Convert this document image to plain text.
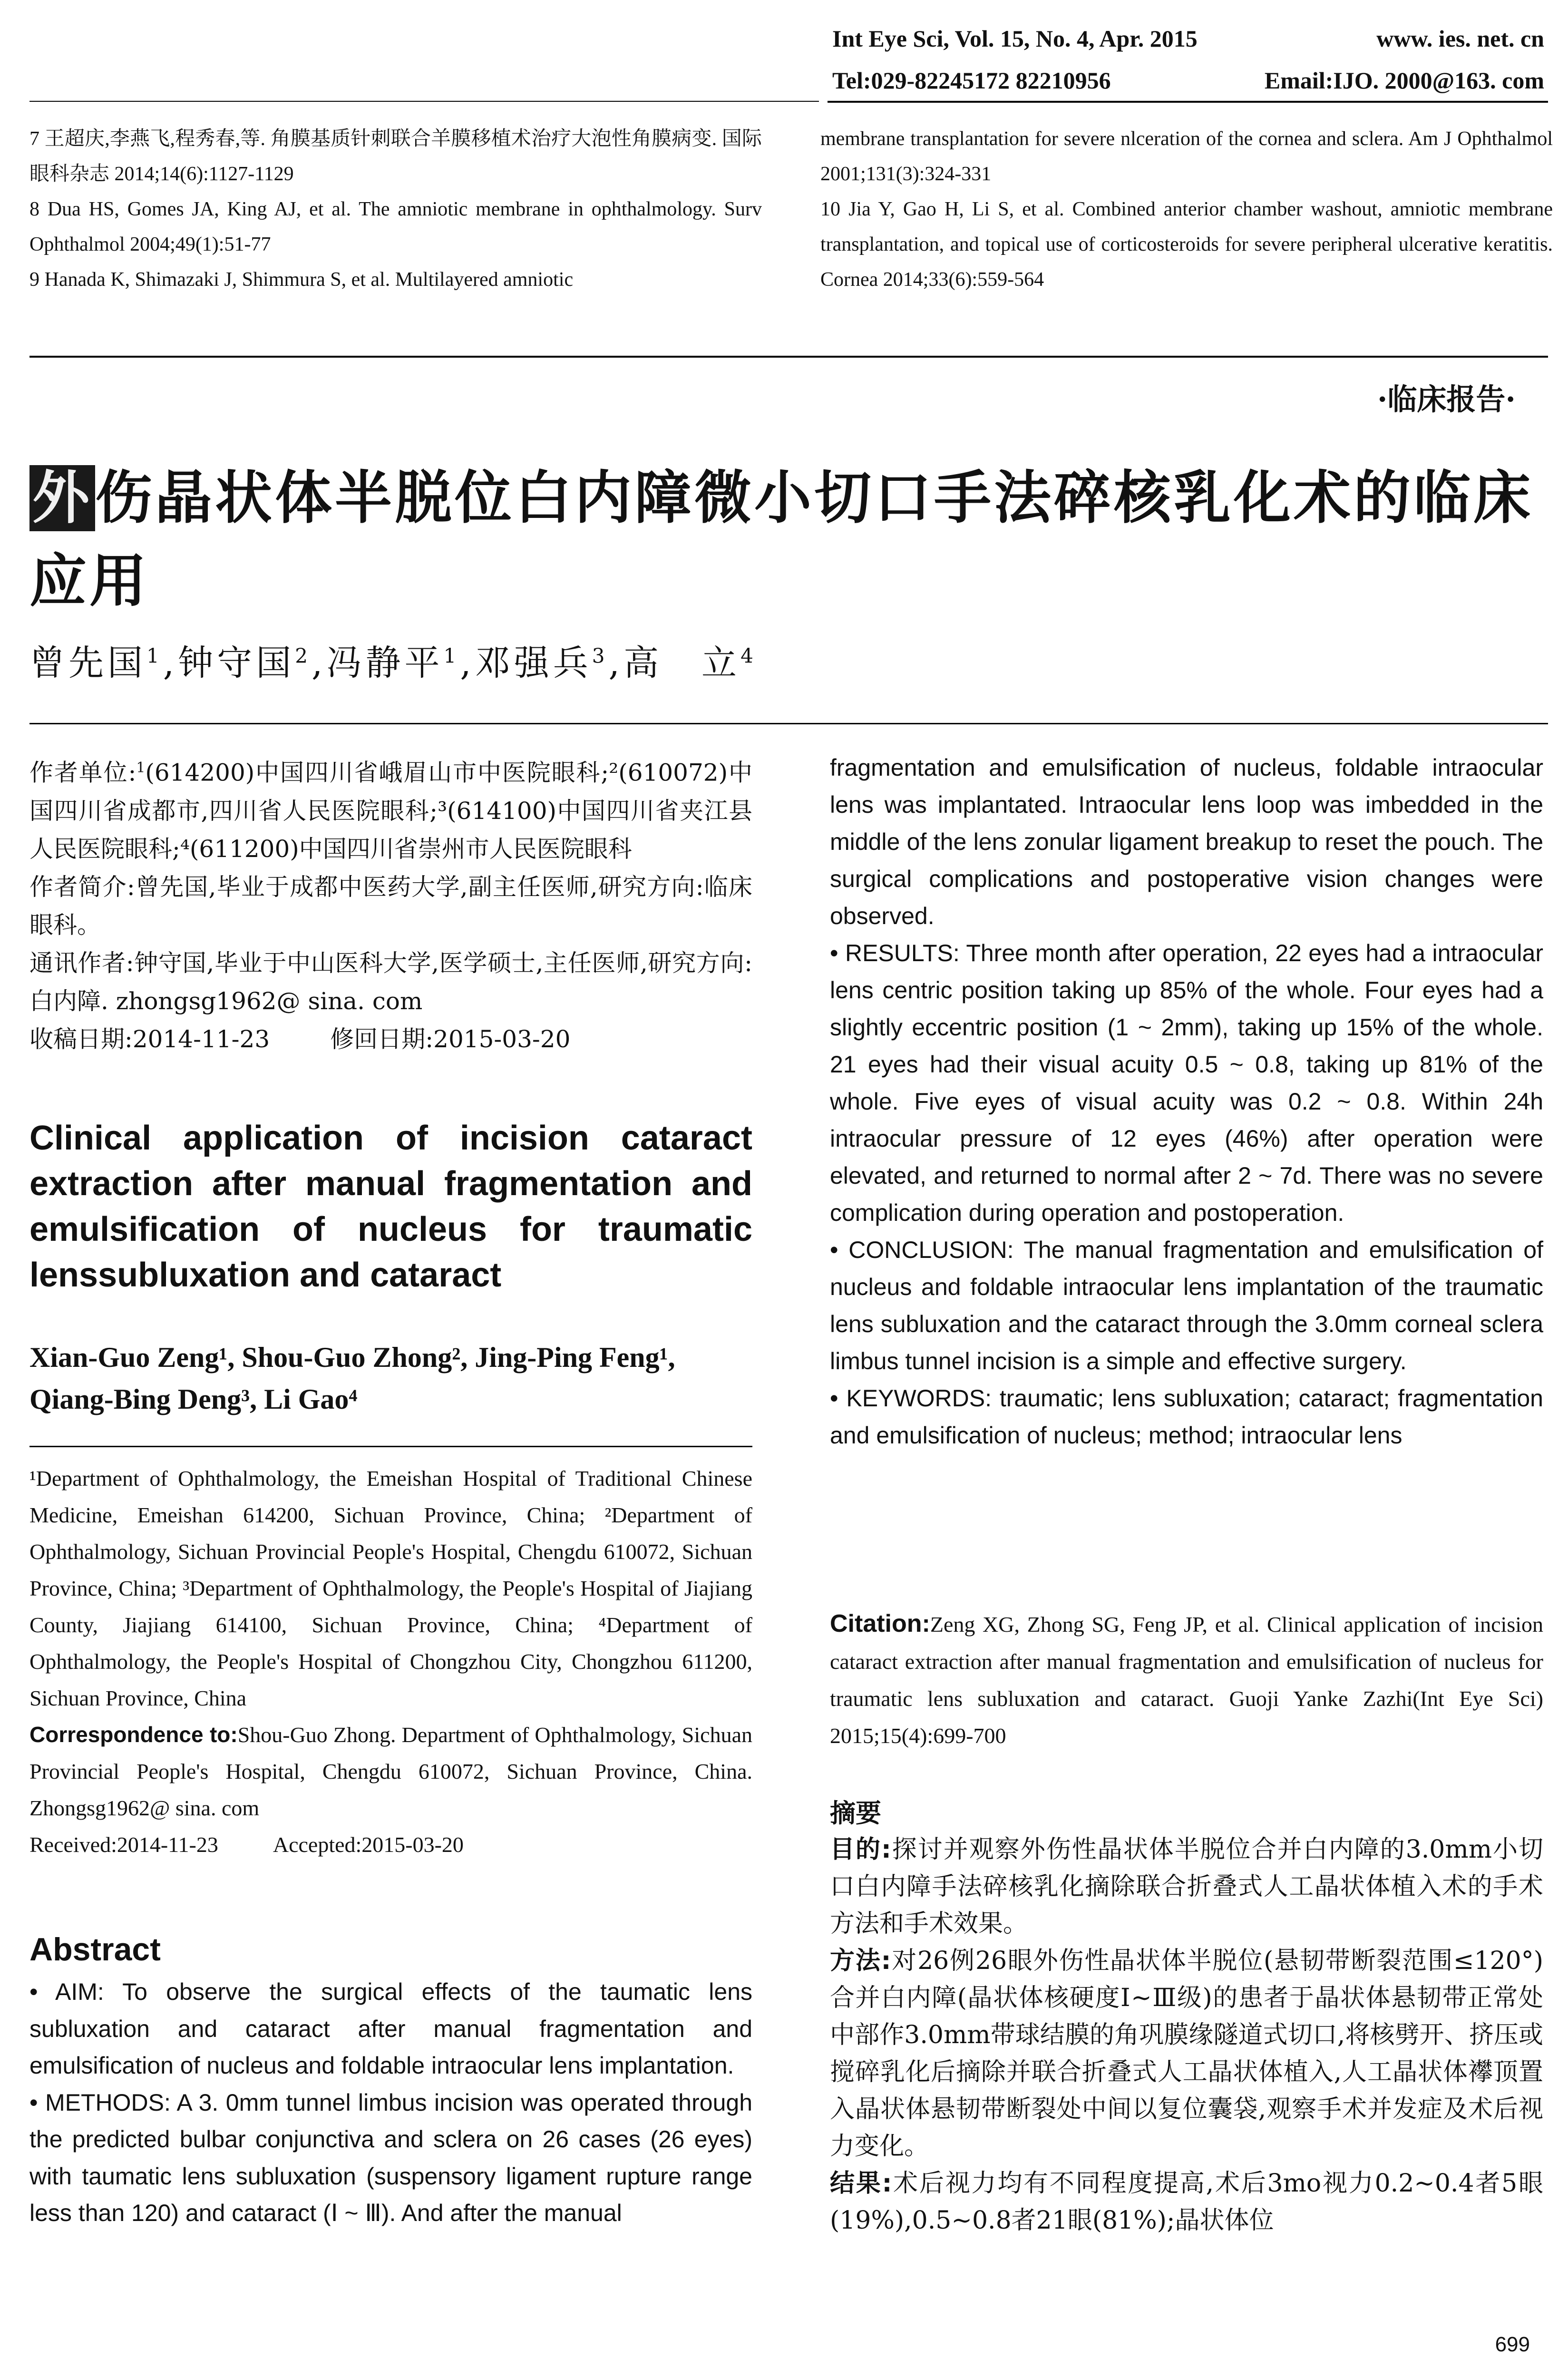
Int Eye Sci, Vol. 15, No. 4, Apr. 2015	www. ies. net. cn
Tel:029-82245172 82210956	Email:IJO. 2000@163. com

7 王超庆,李燕飞,程秀春,等. 角膜基质针刺联合羊膜移植术治疗大泡性角膜病变. 国际眼科杂志 2014;14(6):1127-1129

8 Dua HS, Gomes JA, King AJ, et al. The amniotic membrane in ophthalmology. Surv Ophthalmol 2004;49(1):51-77

9 Hanada K, Shimazaki J, Shimmura S, et al. Multilayered amniotic

membrane transplantation for severe nlceration of the cornea and sclera. Am J Ophthalmol 2001;131(3):324-331

10 Jia Y, Gao H, Li S, et al. Combined anterior chamber washout, amniotic membrane transplantation, and topical use of corticosteroids for severe peripheral ulcerative keratitis. Cornea 2014;33(6):559-564

·临床报告·
外伤晶状体半脱位白内障微小切口手法碎核乳化术的临床应用
曾先国$^1$,钟守国$^2$,冯静平$^1$,邓强兵$^3$,高　立$^4$

作者单位:$^1$(614200)中国四川省峨眉山市中医院眼科;²(610072)中国四川省成都市,四川省人民医院眼科;³(614100)中国四川省夹江县人民医院眼科;⁴(611200)中国四川省崇州市人民医院眼科

作者简介:曾先国,毕业于成都中医药大学,副主任医师,研究方向:临床眼科。

通讯作者:钟守国,毕业于中山医科大学,医学硕士,主任医师,研究方向:白内障. zhongsg1962@ sina. com

收稿日期:2014-11-23	修回日期:2015-03-20

Clinical application of incision cataract extraction after manual fragmentation and emulsification of nucleus for traumatic lenssubluxation and cataract
Xian-Guo Zeng¹, Shou-Guo Zhong², Jing-Ping Feng¹, Qiang-Bing Deng³, Li Gao⁴

¹Department of Ophthalmology, the Emeishan Hospital of Traditional Chinese Medicine, Emeishan 614200, Sichuan Province, China; ²Department of Ophthalmology, Sichuan Provincial People's Hospital, Chengdu 610072, Sichuan Province, China; ³Department of Ophthalmology, the People's Hospital of Jiajiang County, Jiajiang 614100, Sichuan Province, China; ⁴Department of Ophthalmology, the People's Hospital of Chongzhou City, Chongzhou 611200, Sichuan Province, China

Correspondence to:Shou-Guo Zhong. Department of Ophthalmology, Sichuan Provincial People's Hospital, Chengdu 610072, Sichuan Province, China. Zhongsg1962@ sina. com

Received:2014-11-23	Accepted:2015-03-20

Abstract

• AIM: To observe the surgical effects of the taumatic lens subluxation and cataract after manual fragmentation and emulsification of nucleus and foldable intraocular lens implantation.

• METHODS: A 3. 0mm tunnel limbus incision was operated through the predicted bulbar conjunctiva and sclera on 26 cases (26 eyes) with taumatic lens subluxation (suspensory ligament rupture range less than 120) and cataract (Ⅰ ~ Ⅲ). And after the manual

fragmentation and emulsification of nucleus, foldable intraocular lens was implantated. Intraocular lens loop was imbedded in the middle of the lens zonular ligament breakup to reset the pouch. The surgical complications and postoperative vision changes were observed.

• RESULTS: Three month after operation, 22 eyes had a intraocular lens centric position taking up 85% of the whole. Four eyes had a slightly eccentric position (1 ~ 2mm), taking up 15% of the whole. 21 eyes had their visual acuity 0.5 ~ 0.8, taking up 81% of the whole. Five eyes of visual acuity was 0.2 ~ 0.8. Within 24h intraocular pressure of 12 eyes (46%) after operation were elevated, and returned to normal after 2 ~ 7d. There was no severe complication during operation and postoperation.

• CONCLUSION: The manual fragmentation and emulsification of nucleus and foldable intraocular lens implantation of the traumatic lens subluxation and the cataract through the 3.0mm corneal sclera limbus tunnel incision is a simple and effective surgery.

• KEYWORDS: traumatic; lens subluxation; cataract; fragmentation and emulsification of nucleus; method; intraocular lens

Citation:Zeng XG, Zhong SG, Feng JP, et al. Clinical application of incision cataract extraction after manual fragmentation and emulsification of nucleus for traumatic lens subluxation and cataract. Guoji Yanke Zazhi(Int Eye Sci) 2015;15(4):699-700
摘要

目的:探讨并观察外伤性晶状体半脱位合并白内障的3.0mm小切口白内障手法碎核乳化摘除联合折叠式人工晶状体植入术的手术方法和手术效果。

方法:对26例26眼外伤性晶状体半脱位(悬韧带断裂范围≤120°)合并白内障(晶状体核硬度Ⅰ~Ⅲ级)的患者于晶状体悬韧带正常处中部作3.0mm带球结膜的角巩膜缘隧道式切口,将核劈开、挤压或搅碎乳化后摘除并联合折叠式人工晶状体植入,人工晶状体襻顶置入晶状体悬韧带断裂处中间以复位囊袋,观察手术并发症及术后视力变化。

结果:术后视力均有不同程度提高,术后3mo视力0.2~0.4者5眼(19%),0.5~0.8者21眼(81%);晶状体位

699
